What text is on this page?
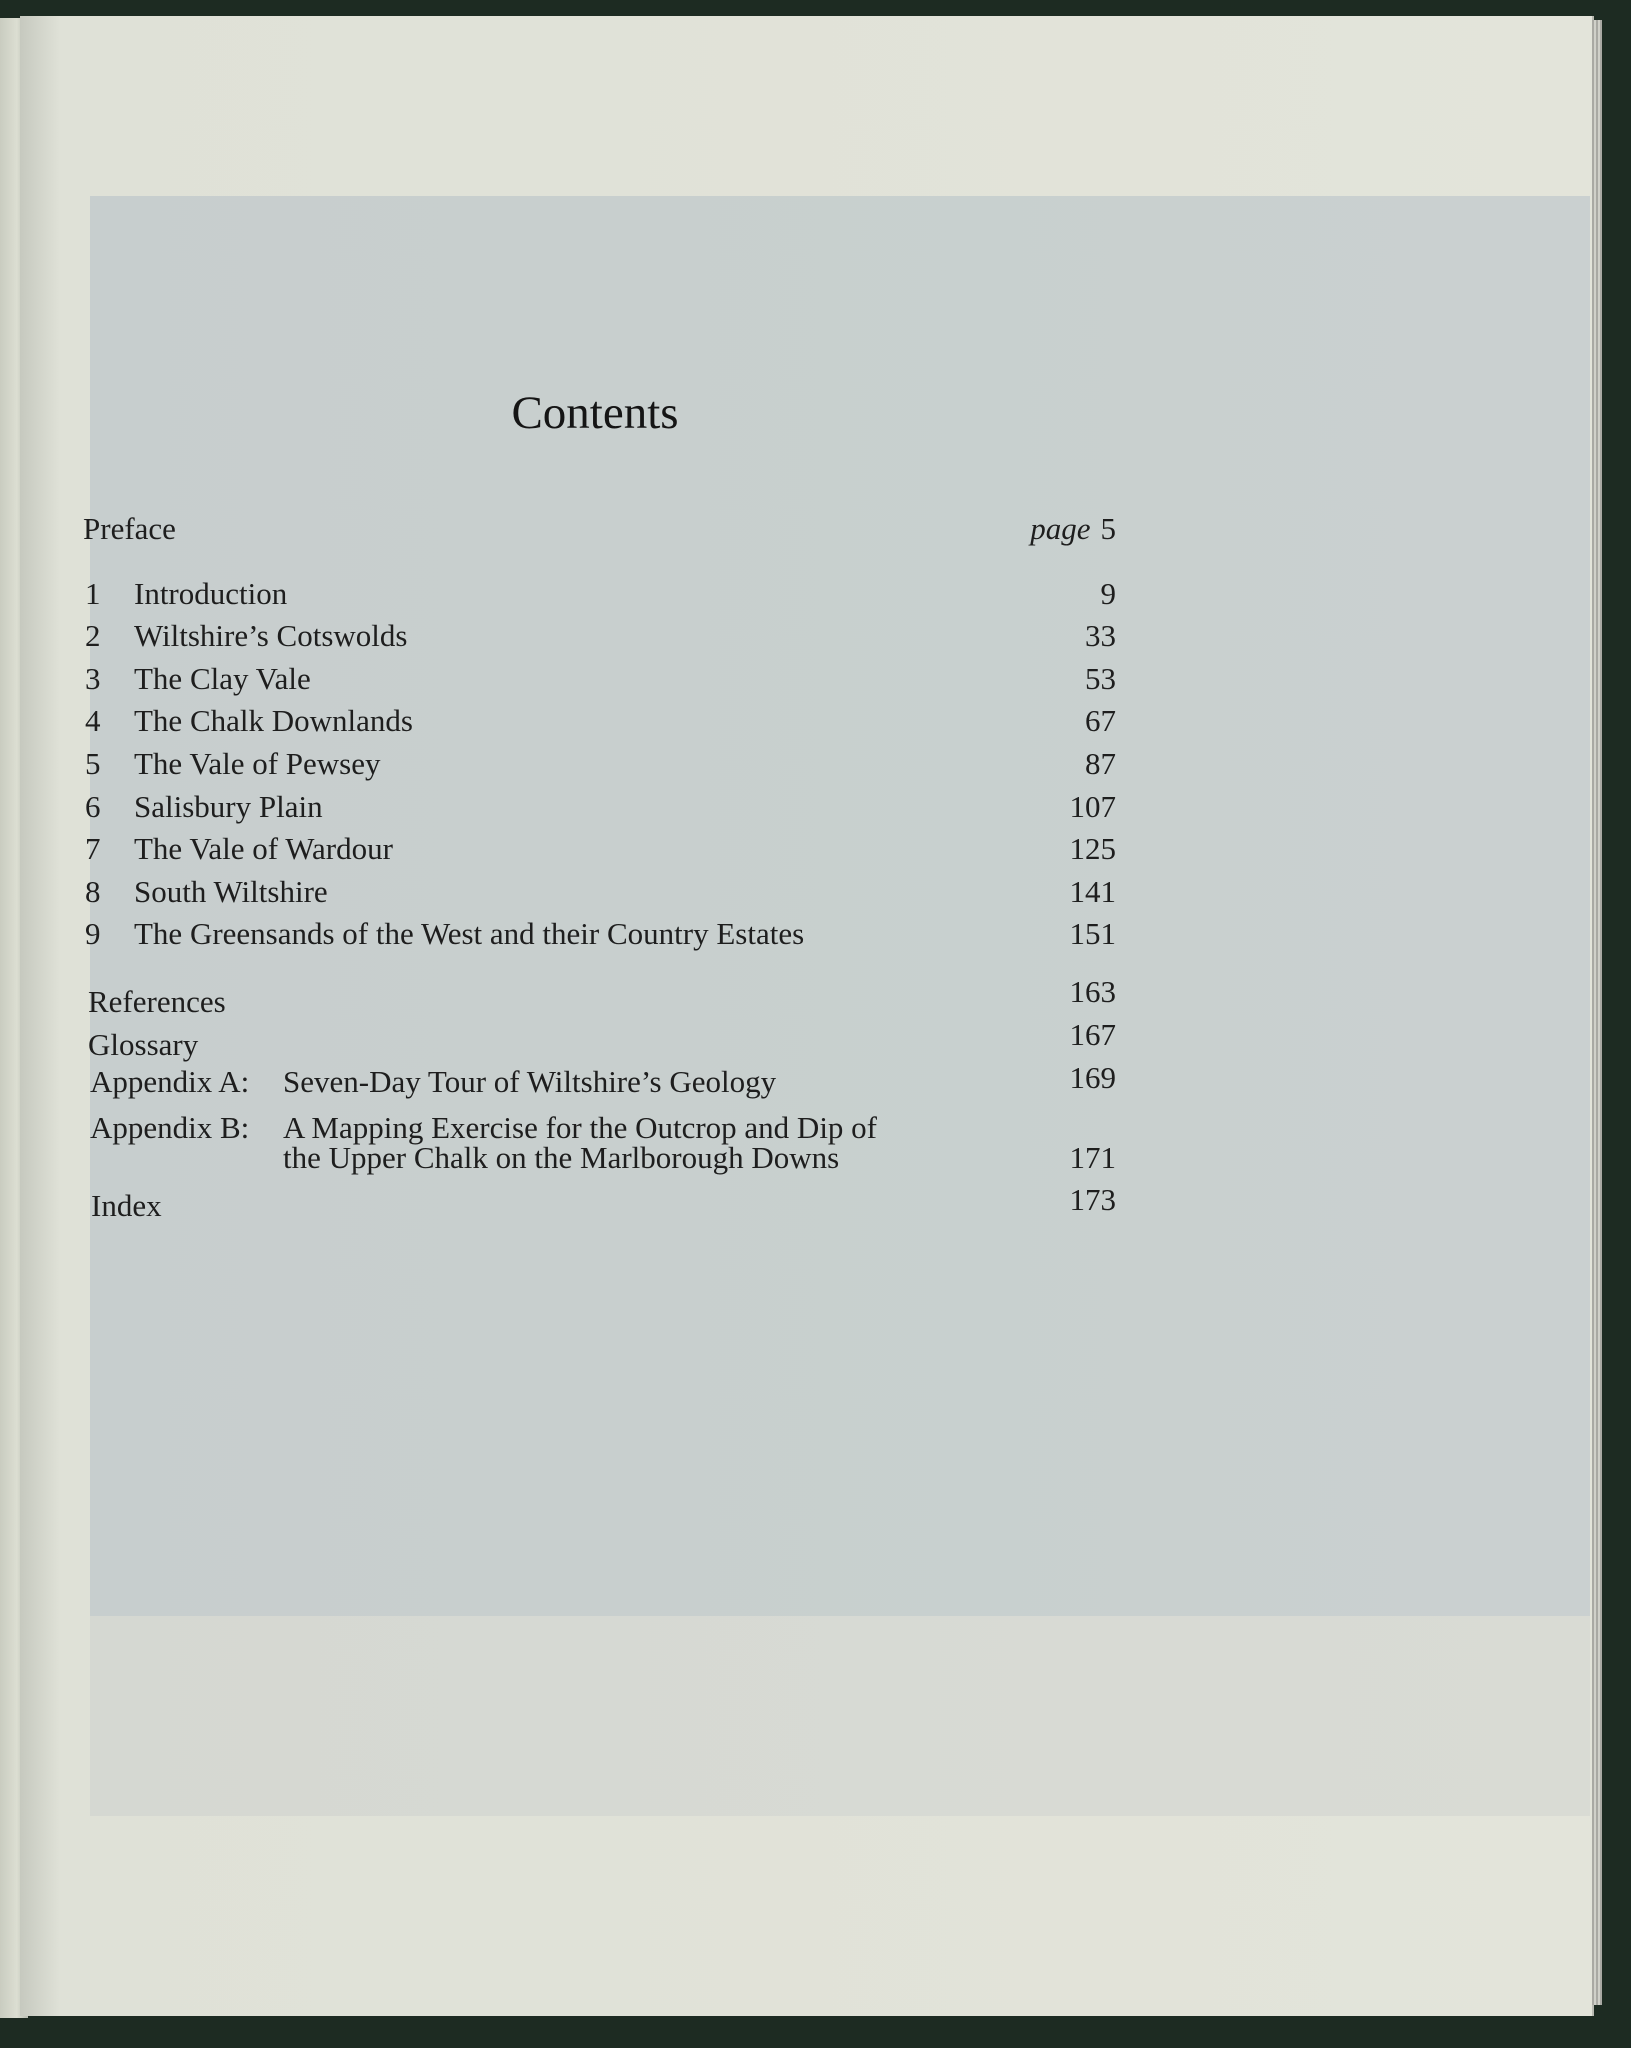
Contents
Preface	page 5
1	Introduction	9
2	Wiltshire’s Cotswolds	33
3	The Clay Vale	53
4	The Chalk Downlands	67
5	The Vale of Pewsey	87
6	Salisbury Plain	107
7	The Vale of Wardour	125
8	South Wiltshire	141
9	The Greensands of the West and their Country Estates	151
References	163
Glossary	167
Appendix A: Seven-Day Tour of Wiltshire’s Geology	169
Appendix B: A Mapping Exercise for the Outcrop and Dip of
the Upper Chalk on the Marlborough Downs	171
Index	173
